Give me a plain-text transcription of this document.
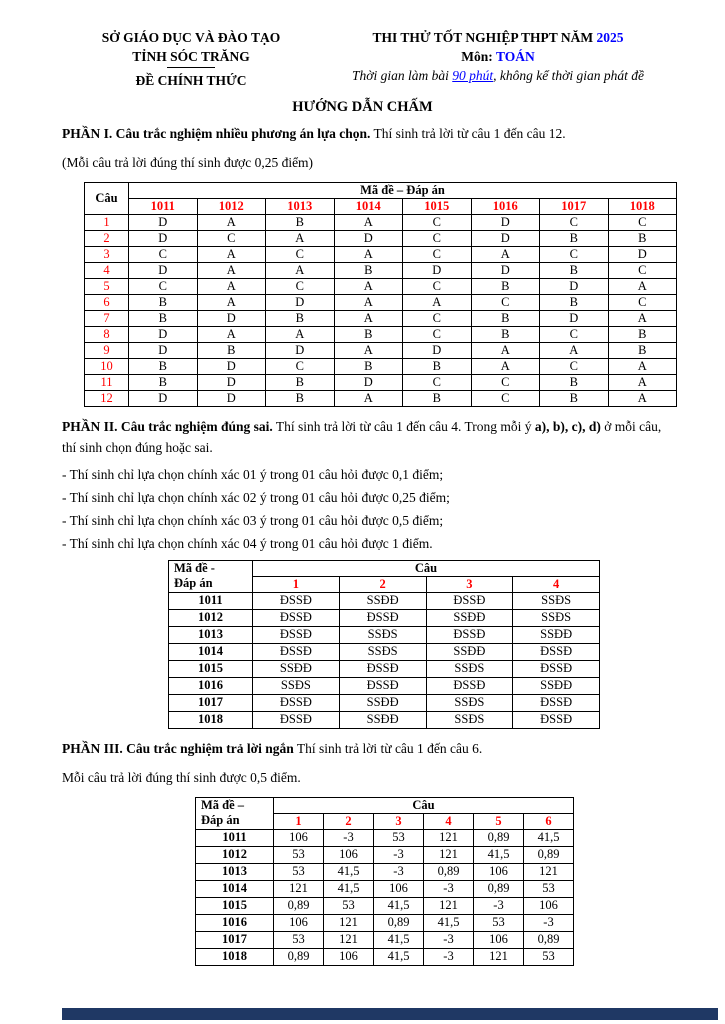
SỞ GIÁO DỤC VÀ ĐÀO TẠO
TỈNH SÓC TRĂNG
ĐỀ CHÍNH THỨC
THI THỬ TỐT NGHIỆP THPT NĂM 2025
Môn: TOÁN
Thời gian làm bài 90 phút, không kể thời gian phát đề
HƯỚNG DẪN CHẤM

PHẦN I. Câu trắc nghiệm nhiều phương án lựa chọn. Thí sinh trả lời từ câu 1 đến câu 12.

(Mỗi câu trả lời đúng thí sinh được 0,25 điểm)

Câu	Mã đề – Đáp án							
	1011	1012	1013	1014	1015	1016	1017	1018
1	D	A	B	A	C	D	C	C
2	D	C	A	D	C	D	B	B
3	C	A	C	A	C	A	C	D
4	D	A	A	B	D	D	B	C
5	C	A	C	A	C	B	D	A
6	B	A	D	A	A	C	B	C
7	B	D	B	A	C	B	D	A
8	D	A	A	B	C	B	C	B
9	D	B	D	A	D	A	A	B
10	B	D	C	B	B	A	C	A
11	B	D	B	D	C	C	B	A
12	D	D	B	A	B	C	B	A

PHẦN II. Câu trắc nghiệm đúng sai. Thí sinh trả lời từ câu 1 đến câu 4. Trong mỗi ý a), b), c), d) ở mỗi câu, thí sinh chọn đúng hoặc sai.

- Thí sinh chỉ lựa chọn chính xác 01 ý trong 01 câu hỏi được 0,1 điểm;

- Thí sinh chỉ lựa chọn chính xác 02 ý trong 01 câu hỏi được 0,25 điểm;

- Thí sinh chỉ lựa chọn chính xác 03 ý trong 01 câu hỏi được 0,5 điểm;

- Thí sinh chỉ lựa chọn chính xác 04 ý trong 01 câu hỏi được 1 điểm.

Mã đề -
Đáp án	Câu			
	1	2	3	4
1011	ĐSSĐ	SSĐĐ	ĐSSĐ	SSĐS
1012	ĐSSĐ	ĐSSĐ	SSĐĐ	SSĐS
1013	ĐSSĐ	SSĐS	ĐSSĐ	SSĐĐ
1014	ĐSSĐ	SSĐS	SSĐĐ	ĐSSĐ
1015	SSĐĐ	ĐSSĐ	SSĐS	ĐSSĐ
1016	SSĐS	ĐSSĐ	ĐSSĐ	SSĐĐ
1017	ĐSSĐ	SSĐĐ	SSĐS	ĐSSĐ
1018	ĐSSĐ	SSĐĐ	SSĐS	ĐSSĐ

PHẦN III. Câu trắc nghiệm trả lời ngắn Thí sinh trả lời từ câu 1 đến câu 6.

Mỗi câu trả lời đúng thí sinh được 0,5 điểm.

Mã đề –
Đáp án	Câu					
	1	2	3	4	5	6
1011	106	-3	53	121	0,89	41,5
1012	53	106	-3	121	41,5	0,89
1013	53	41,5	-3	0,89	106	121
1014	121	41,5	106	-3	0,89	53
1015	0,89	53	41,5	121	-3	106
1016	106	121	0,89	41,5	53	-3
1017	53	121	41,5	-3	106	0,89
1018	0,89	106	41,5	-3	121	53
